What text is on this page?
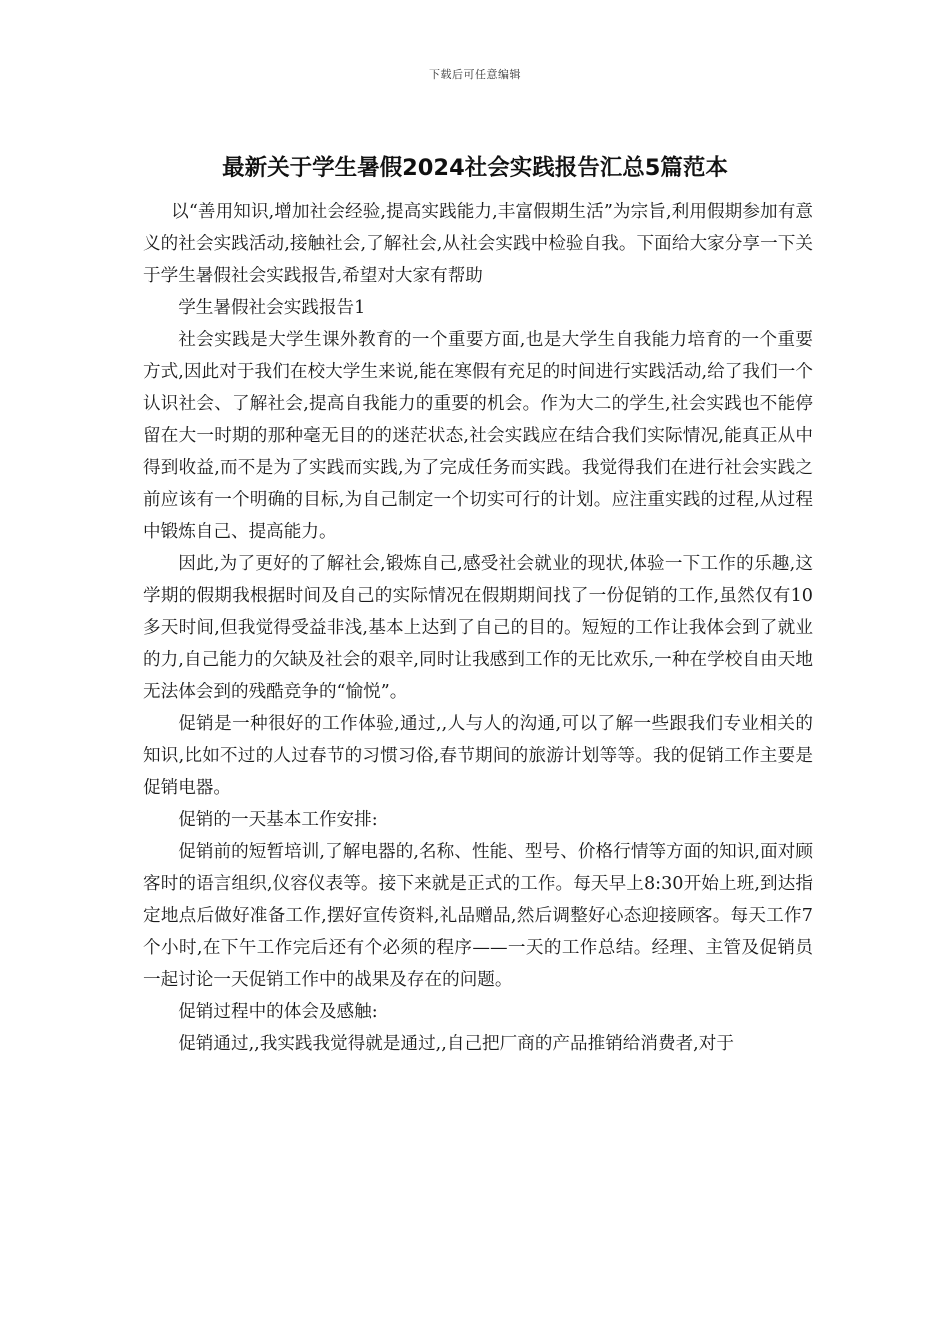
下载后可任意编辑
最新关于学生暑假2024社会实践报告汇总5篇范本

以“善用知识,增加社会经验,提高实践能力,丰富假期生活”为宗旨,利用假期参加有意义的社会实践活动,接触社会,了解社会,从社会实践中检验自我。下面给大家分享一下关于学生暑假社会实践报告,希望对大家有帮助

学生暑假社会实践报告1

社会实践是大学生课外教育的一个重要方面,也是大学生自我能力培育的一个重要方式,因此对于我们在校大学生来说,能在寒假有充足的时间进行实践活动,给了我们一个认识社会、了解社会,提高自我能力的重要的机会。作为大二的学生,社会实践也不能停留在大一时期的那种毫无目的的迷茫状态,社会实践应在结合我们实际情况,能真正从中得到收益,而不是为了实践而实践,为了完成任务而实践。我觉得我们在进行社会实践之前应该有一个明确的目标,为自己制定一个切实可行的计划。应注重实践的过程,从过程中锻炼自己、提高能力。

因此,为了更好的了解社会,锻炼自己,感受社会就业的现状,体验一下工作的乐趣,这学期的假期我根据时间及自己的实际情况在假期期间找了一份促销的工作,虽然仅有10多天时间,但我觉得受益非浅,基本上达到了自己的目的。短短的工作让我体会到了就业的力,自己能力的欠缺及社会的艰辛,同时让我感到工作的无比欢乐,一种在学校自由天地无法体会到的残酷竞争的“愉悦”。

促销是一种很好的工作体验,通过,,人与人的沟通,可以了解一些跟我们专业相关的知识,比如不过的人过春节的习惯习俗,春节期间的旅游计划等等。我的促销工作主要是促销电器。

促销的一天基本工作安排:

促销前的短暂培训,了解电器的,名称、性能、型号、价格行情等方面的知识,面对顾客时的语言组织,仪容仪表等。接下来就是正式的工作。每天早上8:30开始上班,到达指定地点后做好准备工作,摆好宣传资料,礼品赠品,然后调整好心态迎接顾客。每天工作7个小时,在下午工作完后还有个必须的程序——一天的工作总结。经理、主管及促销员一起讨论一天促销工作中的战果及存在的问题。

促销过程中的体会及感触:

促销通过,,我实践我觉得就是通过,,自己把厂商的产品推销给消费者,对于
